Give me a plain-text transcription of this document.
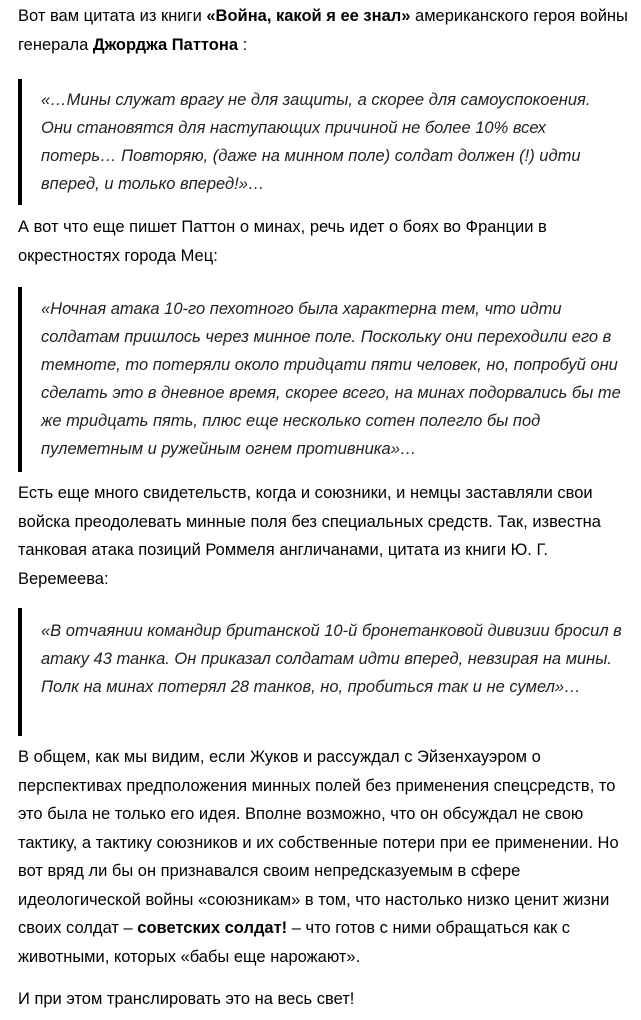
Вот вам цитата из книги «Война, какой я ее знал» американского героя войны генерала Джорджа Паттона :

«…Мины служат врагу не для защиты, а скорее для самоуспокоения. Они становятся для наступающих причиной не более 10% всех потерь… Повторяю, (даже на минном поле) солдат должен (!) идти вперед, и только вперед!»…

А вот что еще пишет Паттон о минах, речь идет о боях во Франции в окрестностях города Мец:

«Ночная атака 10-го пехотного была характерна тем, что идти солдатам пришлось через минное поле. Поскольку они переходили его в темноте, то потеряли около тридцати пяти человек, но, попробуй они сделать это в дневное время, скорее всего, на минах подорвались бы те же тридцать пять, плюс еще несколько сотен полегло бы под пулеметным и ружейным огнем противника»…

Есть еще много свидетельств, когда и союзники, и немцы заставляли свои войска преодолевать минные поля без специальных средств. Так, известна танковая атака позиций Роммеля англичанами, цитата из книги Ю. Г. Веремеева:

«В отчаянии командир британской 10-й бронетанковой дивизии бросил в атаку 43 танка. Он приказал солдатам идти вперед, невзирая на мины. Полк на минах потерял 28 танков, но, пробиться так и не сумел»…

В общем, как мы видим, если Жуков и рассуждал с Эйзенхауэром о перспективах предположения минных полей без применения спецсредств, то это была не только его идея. Вполне возможно, что он обсуждал не свою тактику, а тактику союзников и их собственные потери при ее применении. Но вот вряд ли бы он признавался своим непредсказуемым в сфере идеологической войны «союзникам» в том, что настолько низко ценит жизни своих солдат – советских солдат! – что готов с ними обращаться как с животными, которых «бабы еще нарожают».

И при этом транслировать это на весь свет!
